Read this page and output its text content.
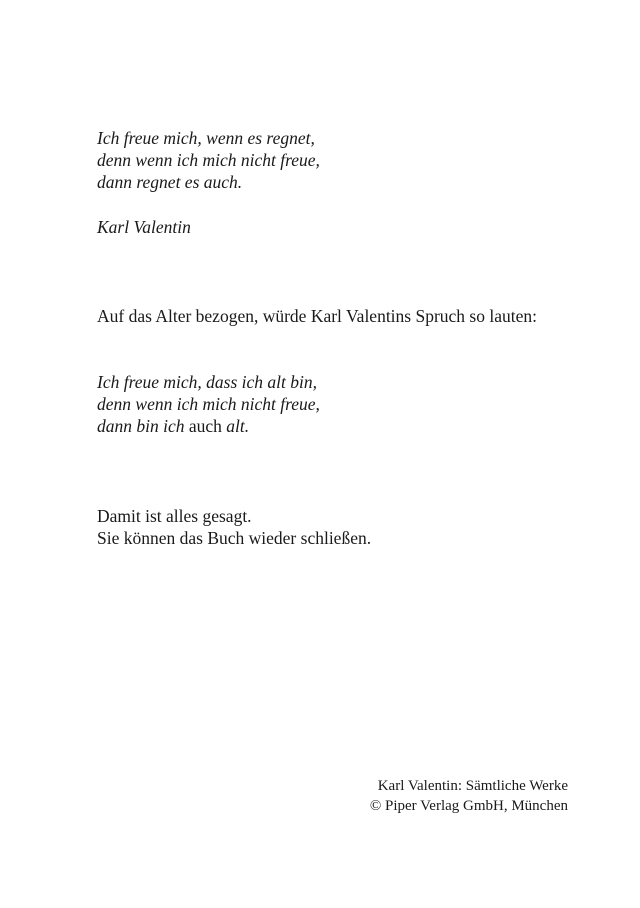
Ich freue mich, wenn es regnet,
denn wenn ich mich nicht freue,
dann regnet es auch.
Karl Valentin
Auf das Alter bezogen, würde Karl Valentins Spruch so lauten:
Ich freue mich, dass ich alt bin,
denn wenn ich mich nicht freue,
dann bin ich auch alt.
Damit ist alles gesagt.
Sie können das Buch wieder schließen.
Karl Valentin: Sämtliche Werke
© Piper Verlag GmbH, München
